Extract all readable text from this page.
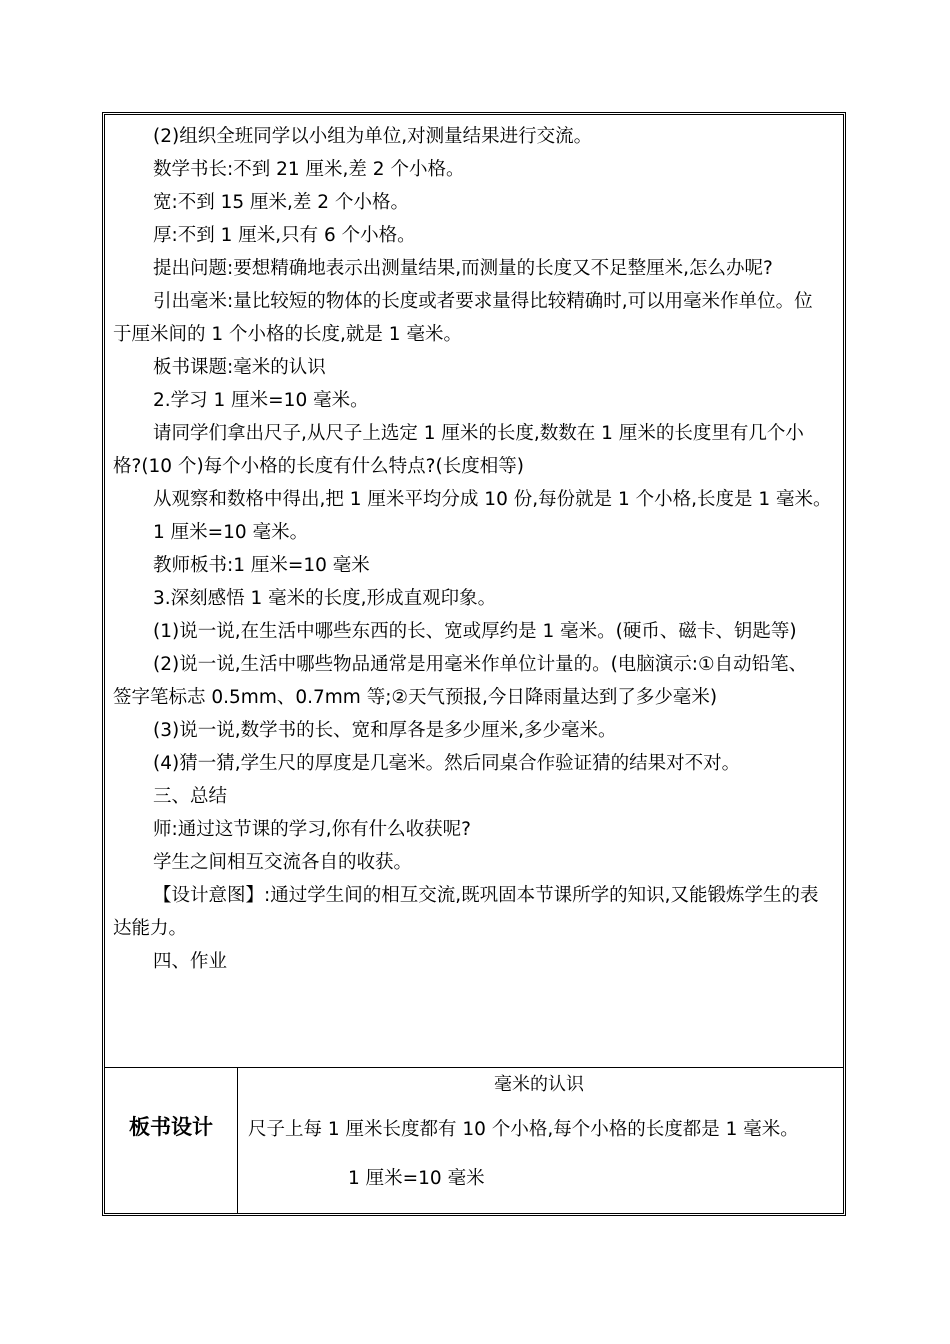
(2)组织全班同学以小组为单位,对测量结果进行交流。
数学书长:不到 21 厘米,差 2 个小格。
宽:不到 15 厘米,差 2 个小格。
厚:不到 1 厘米,只有 6 个小格。
提出问题:要想精确地表示出测量结果,而测量的长度又不足整厘米,怎么办呢?
引出毫米:量比较短的物体的长度或者要求量得比较精确时,可以用毫米作单位。位
于厘米间的 1 个小格的长度,就是 1 毫米。
板书课题:毫米的认识
2.学习 1 厘米=10 毫米。
请同学们拿出尺子,从尺子上选定 1 厘米的长度,数数在 1 厘米的长度里有几个小
格?(10 个)每个小格的长度有什么特点?(长度相等)
从观察和数格中得出,把 1 厘米平均分成 10 份,每份就是 1 个小格,长度是 1 毫米。
1 厘米=10 毫米。
教师板书:1 厘米=10 毫米
3.深刻感悟 1 毫米的长度,形成直观印象。
(1)说一说,在生活中哪些东西的长、宽或厚约是 1 毫米。(硬币、磁卡、钥匙等)
(2)说一说,生活中哪些物品通常是用毫米作单位计量的。(电脑演示:①自动铅笔、
签字笔标志 0.5mm、0.7mm 等;②天气预报,今日降雨量达到了多少毫米)
(3)说一说,数学书的长、宽和厚各是多少厘米,多少毫米。
(4)猜一猜,学生尺的厚度是几毫米。然后同桌合作验证猜的结果对不对。
三、总结
师:通过这节课的学习,你有什么收获呢?
学生之间相互交流各自的收获。
【设计意图】:通过学生间的相互交流,既巩固本节课所学的知识,又能锻炼学生的表
达能力。
四、作业
板书设计
毫米的认识
尺子上每 1 厘米长度都有 10 个小格,每个小格的长度都是 1 毫米。
1 厘米=10 毫米
